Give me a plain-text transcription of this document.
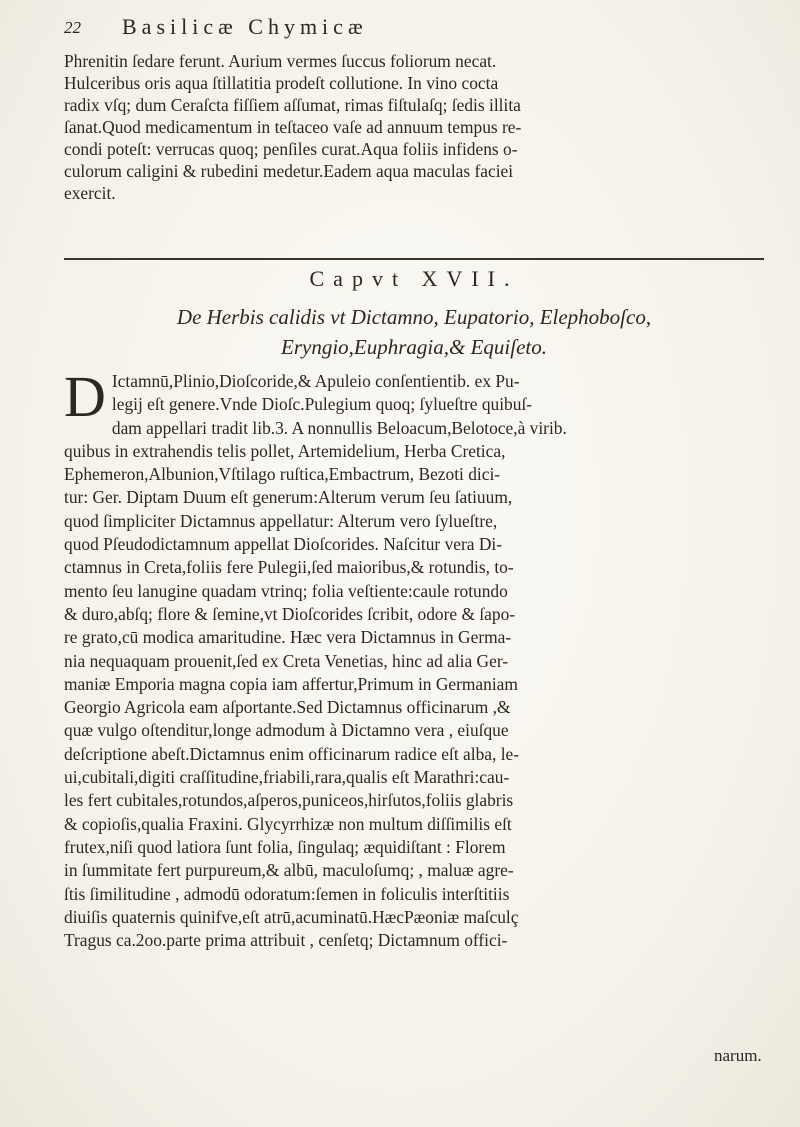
22 Basilicæ Chymicæ
Phrenitin ſedare ferunt. Aurium vermes ſuccus foliorum necat.
Hulceribus oris aqua ſtillatitia prodeſt collutione. In vino cocta
radix vſq; dum Ceraſcta fiſſiem aſſumat, rimas fiſtulaſq; ſedis illita
ſanat.Quod medicamentum in teſtaceo vaſe ad annuum tempus re-
condi poteſt: verrucas quoq; penſiles curat.Aqua foliis infidens o-
culorum caligini & rubedini medetur.Eadem aqua maculas faciei
exercit.
Capvt XVII.
De Herbis calidis vt Dictamno, Eupatorio, Elephoboſco,
Eryngio,Euphragia,& Equiſeto.
D Ictamnū,Plinio,Dioſcoride,& Apuleio conſentientib. ex Pu-
legij eſt genere.Vnde Dioſc.Pulegium quoq; ſylueſtre quibuſ-
dam appellari tradit lib.3. A nonnullis Beloacum,Belotoce,à virib.
quibus in extrahendis telis pollet, Artemidelium, Herba Cretica,
Ephemeron,Albunion,Vſtilago ruſtica,Embactrum, Bezoti dici-
tur: Ger. Diptam Duum eſt generum:Alterum verum ſeu ſatiuum,
quod ſimpliciter Dictamnus appellatur: Alterum vero ſylueſtre,
quod Pſeudodictamnum appellat Dioſcorides. Naſcitur vera Di-
ctamnus in Creta,foliis fere Pulegii,ſed maioribus,& rotundis, to-
mento ſeu lanugine quadam vtrinq; folia veſtiente:caule rotundo
& duro,abſq; flore & ſemine,vt Dioſcorides ſcribit, odore & ſapo-
re grato,cū modica amaritudine. Hæc vera Dictamnus in Germa-
nia nequaquam prouenit,ſed ex Creta Venetias, hinc ad alia Ger-
maniæ Emporia magna copia iam affertur,Primum in Germaniam
Georgio Agricola eam aſportante.Sed Dictamnus officinarum ,&
quæ vulgo oſtenditur,longe admodum à Dictamno vera , eiuſque
deſcriptione abeſt.Dictamnus enim officinarum radice eſt alba, le-
ui,cubitali,digiti craſſitudine,friabili,rara,qualis eſt Marathri:cau-
les fert cubitales,rotundos,aſperos,puniceos,hirſutos,foliis glabris
& copioſis,qualia Fraxini. Glycyrrhizæ non multum diſſimilis eſt
frutex,niſi quod latiora ſunt folia, ſingulaq; æquidiſtant : Florem
in ſummitate fert purpureum,& albū, maculoſumq; , maluæ agre-
ſtis ſimilitudine , admodū odoratum:ſemen in foliculis interſtitiis
diuiſis quaternis quinifve,eſt atrū,acuminatū.HæcPæoniæ maſculç
Tragus ca.2oo.parte prima attribuit , cenſetq; Dictamnum offici-
narum.
